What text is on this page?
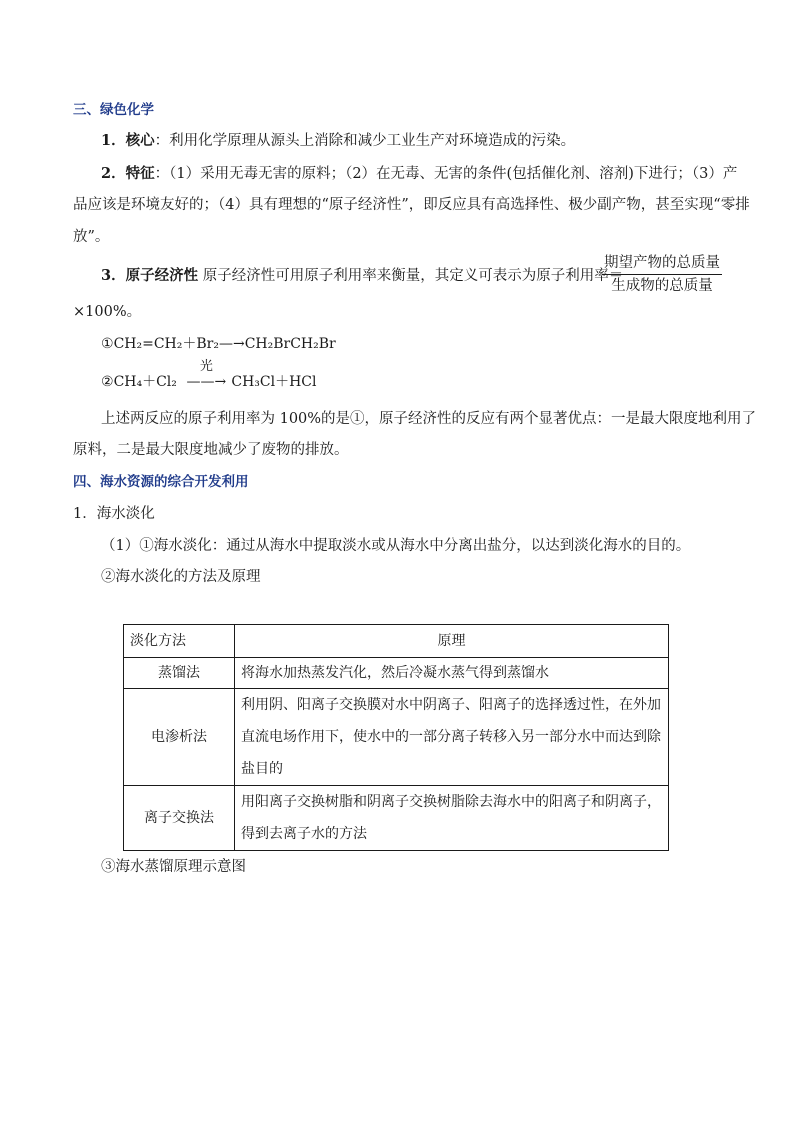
三、绿色化学
1．核心：利用化学原理从源头上消除和减少工业生产对环境造成的污染。
2．特征：（1）采用无毒无害的原料；（2）在无毒、无害的条件(包括催化剂、溶剂)下进行；（3）产
品应该是环境友好的；（4）具有理想的“原子经济性”，即反应具有高选择性、极少副产物，甚至实现“零排
放”。
3．原子经济性 原子经济性可用原子利用率来衡量，其定义可表示为原子利用率＝
期望产物的总质量
生成物的总质量
×100%。
①CH₂=CH₂＋Br₂—→CH₂BrCH₂Br
②CH₄＋Cl₂
光
——→ CH₃Cl＋HCl
上述两反应的原子利用率为 100%的是①，原子经济性的反应有两个显著优点：一是最大限度地利用了
原料，二是最大限度地减少了废物的排放。
四、海水资源的综合开发利用
1．海水淡化
（1）①海水淡化：通过从海水中提取淡水或从海水中分离出盐分，以达到淡化海水的目的。
②海水淡化的方法及原理
淡化方法	原理
蒸馏法	将海水加热蒸发汽化，然后冷凝水蒸气得到蒸馏水

电渗析法	利用阴、阳离子交换膜对水中阴离子、阳离子的选择透过性，在外加
直流电场作用下，使水中的一部分离子转移入另一部分水中而达到除
盐目的

离子交换法	用阳离子交换树脂和阴离子交换树脂除去海水中的阳离子和阴离子，
得到去离子水的方法
③海水蒸馏原理示意图
